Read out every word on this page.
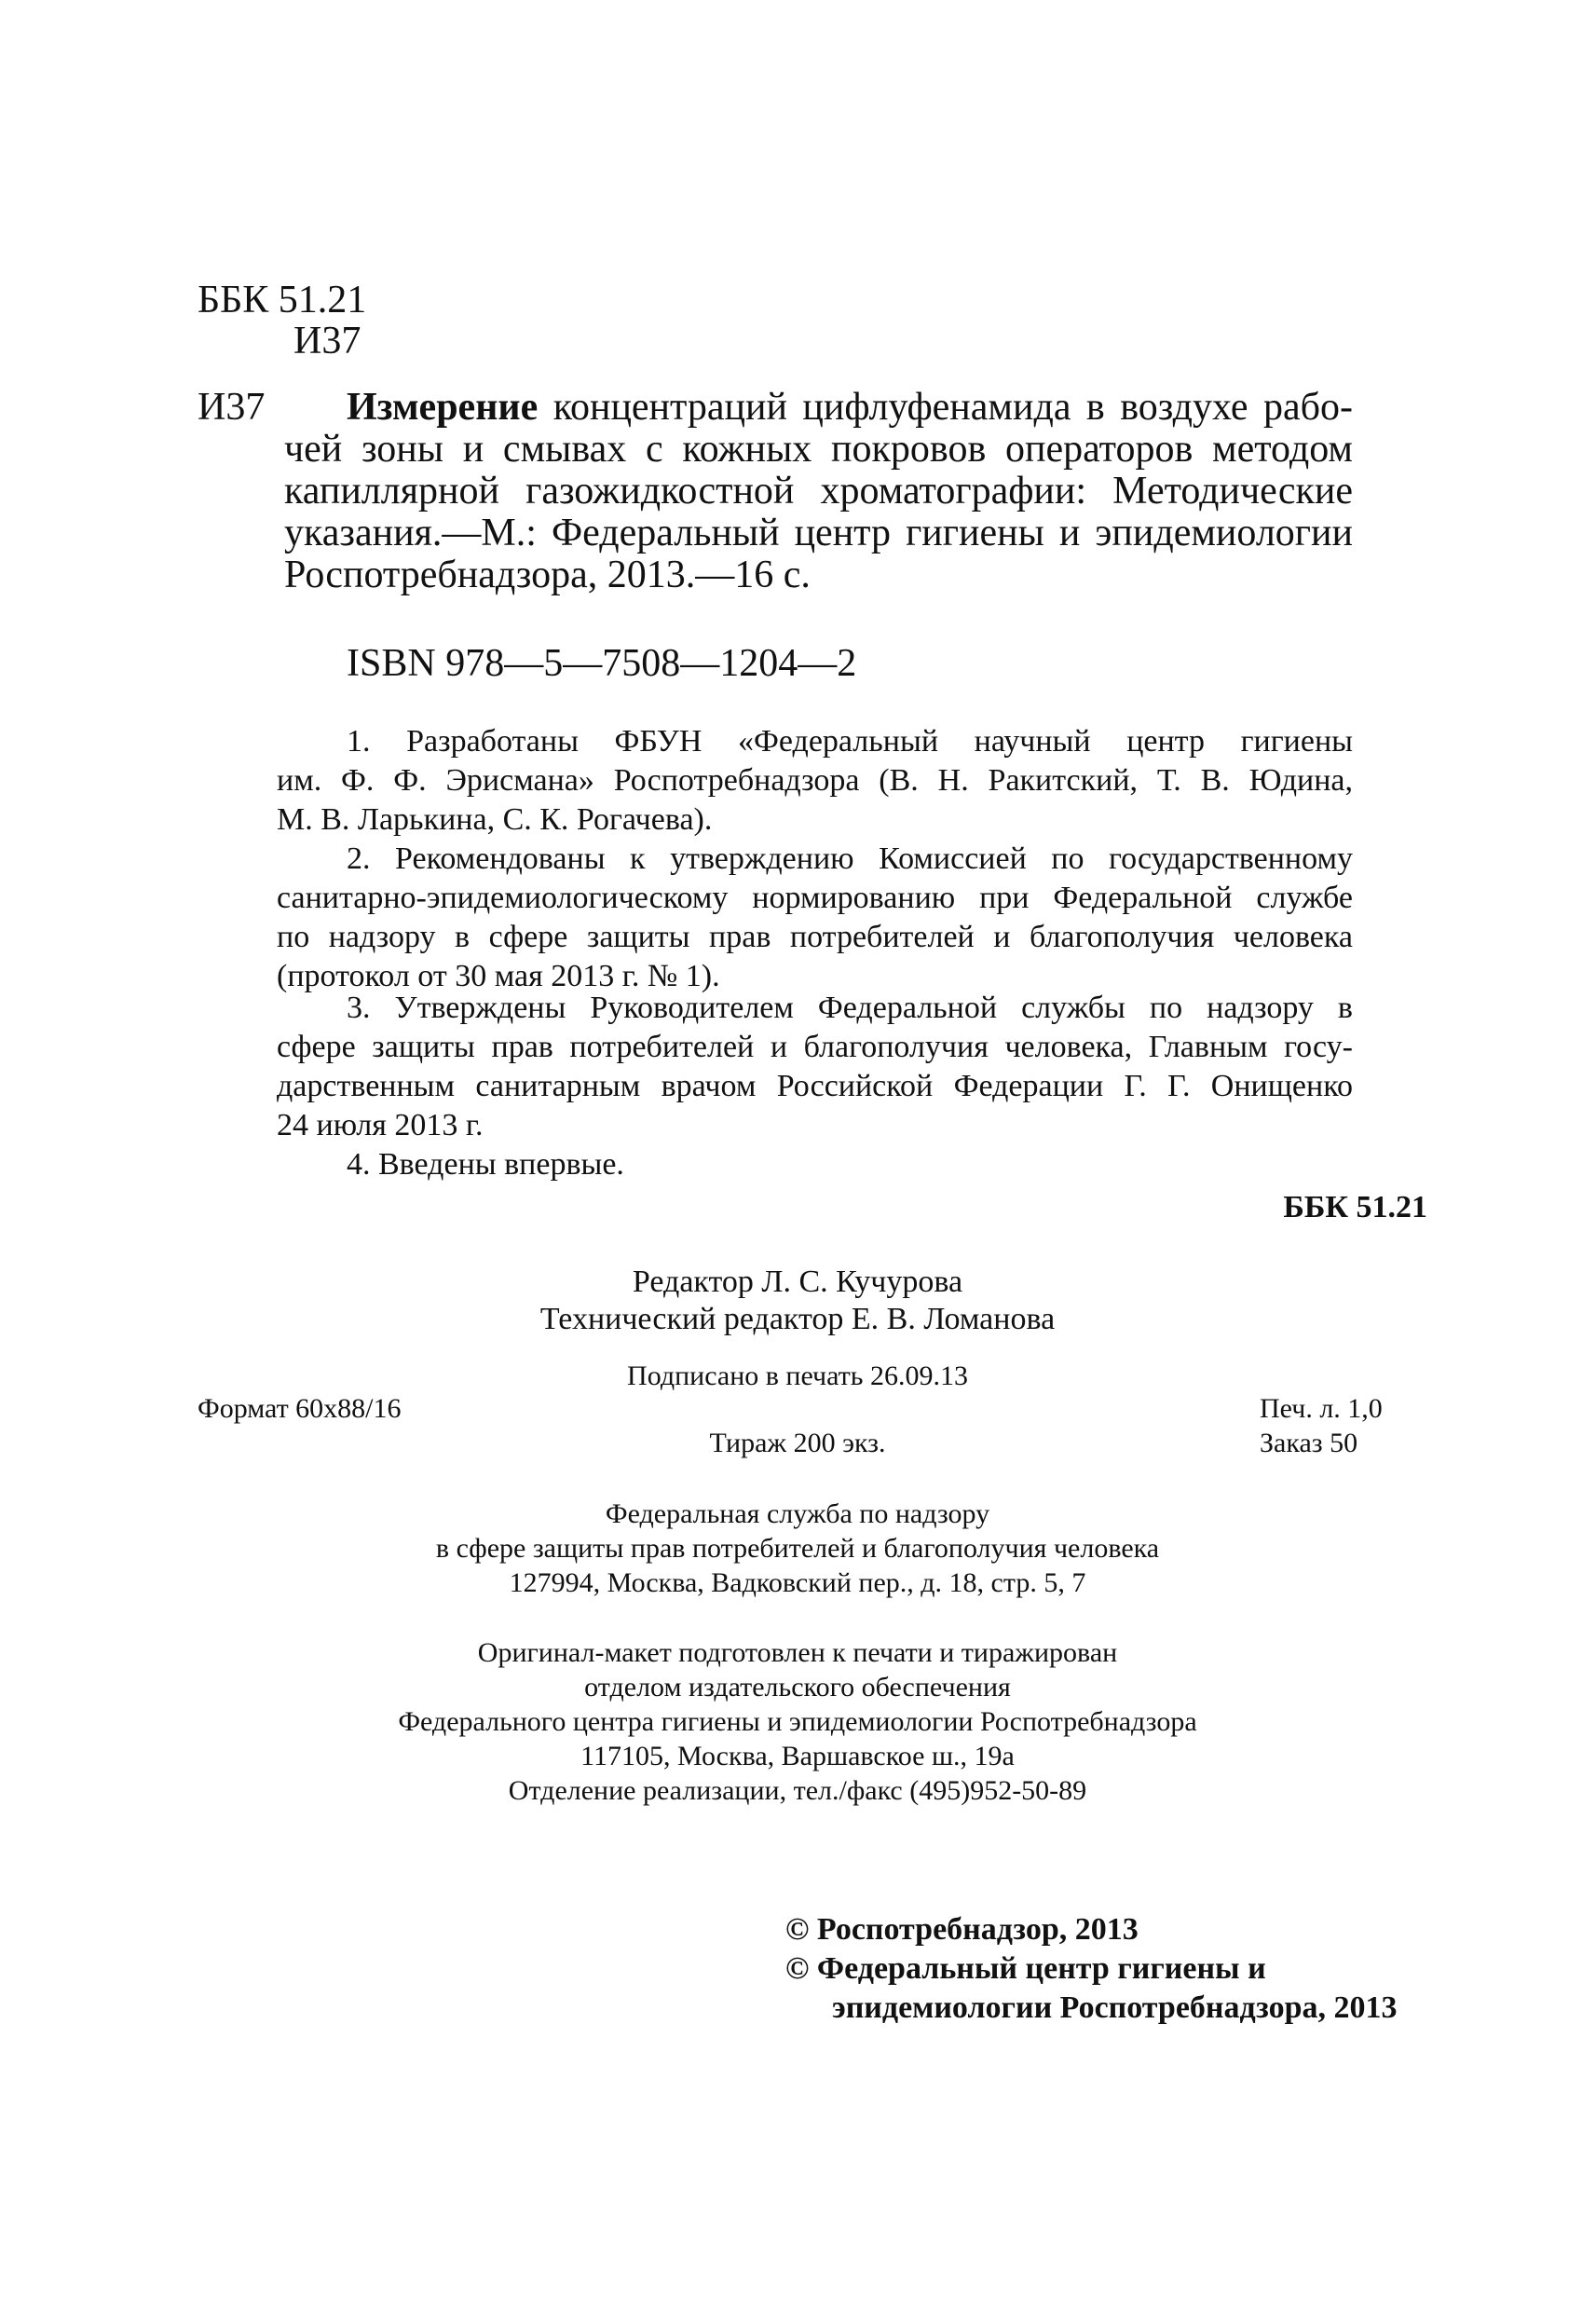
ББК 51.21
И37
И37 Измерение концентраций цифлуфенамида в воздухе рабо-
чей зоны и смывах с кожных покровов операторов методом
капиллярной газожидкостной хроматографии: Методические
указания.—М.: Федеральный центр гигиены и эпидемиологии
Роспотребнадзора, 2013.—16 с.
ISBN 978—5—7508—1204—2
1. Разработаны ФБУН «Федеральный научный центр гигиены
им. Ф. Ф. Эрисмана» Роспотребнадзора (В. Н. Ракитский, Т. В. Юдина,
М. В. Ларькина, С. К. Рогачева).
2. Рекомендованы к утверждению Комиссией по государственному
санитарно-эпидемиологическому нормированию при Федеральной службе
по надзору в сфере защиты прав потребителей и благополучия человека
(протокол от 30 мая 2013 г. № 1).
3. Утверждены Руководителем Федеральной службы по надзору в
сфере защиты прав потребителей и благополучия человека, Главным госу-
дарственным санитарным врачом Российской Федерации Г. Г. Онищенко
24 июля 2013 г.
4. Введены впервые.
ББК 51.21
Редактор Л. С. Кучурова
Технический редактор Е. В. Ломанова
Подписано в печать 26.09.13
Формат 60x88/16	Печ. л. 1,0
Тираж 200 экз.	Заказ 50
Федеральная служба по надзору
в сфере защиты прав потребителей и благополучия человека
127994, Москва, Вадковский пер., д. 18, стр. 5, 7
Оригинал-макет подготовлен к печати и тиражирован
отделом издательского обеспечения
Федерального центра гигиены и эпидемиологии Роспотребнадзора
117105, Москва, Варшавское ш., 19а
Отделение реализации, тел./факс (495)952-50-89
© Роспотребнадзор, 2013
© Федеральный центр гигиены и
эпидемиологии Роспотребнадзора, 2013
